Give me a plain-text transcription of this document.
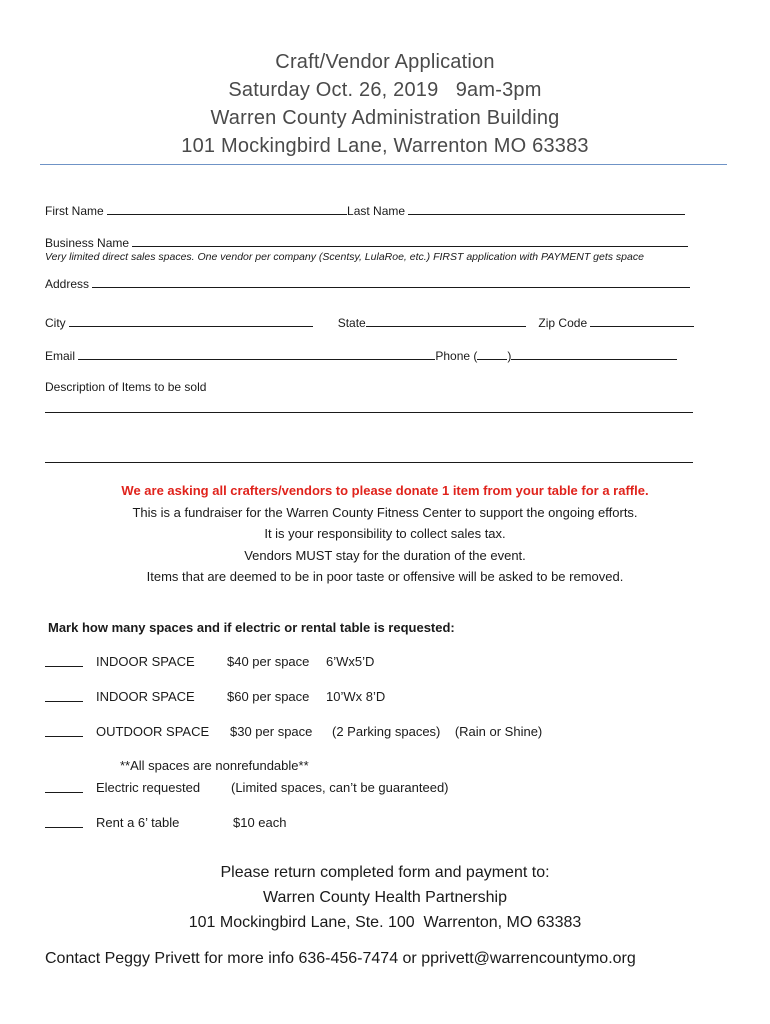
Craft/Vendor Application
Saturday Oct. 26, 2019   9am-3pm
Warren County Administration Building
101 Mockingbird Lane, Warrenton MO 63383
First Name	Last Name
Business Name
Very limited direct sales spaces. One vendor per company (Scentsy, LulaRoe, etc.) FIRST application with PAYMENT gets space
Address
City	State	Zip Code
Email	Phone (	)
Description of Items to be sold
We are asking all crafters/vendors to please donate 1 item from your table for a raffle.
This is a fundraiser for the Warren County Fitness Center to support the ongoing efforts.
It is your responsibility to collect sales tax.
Vendors MUST stay for the duration of the event.
Items that are deemed to be in poor taste or offensive will be asked to be removed.
Mark how many spaces and if electric or rental table is requested:
INDOOR SPACE $40 per space 6’Wx5’D
INDOOR SPACE $60 per space 10’Wx 8’D
OUTDOOR SPACE $30 per space (2 Parking spaces)    (Rain or Shine)
**All spaces are nonrefundable**
Electric requested (Limited spaces, can’t be guaranteed)
Rent a 6’ table	$10 each
Please return completed form and payment to:
Warren County Health Partnership
101 Mockingbird Lane, Ste. 100  Warrenton, MO 63383
Contact Peggy Privett for more info 636-456-7474 or pprivett@warrencountymo.org
